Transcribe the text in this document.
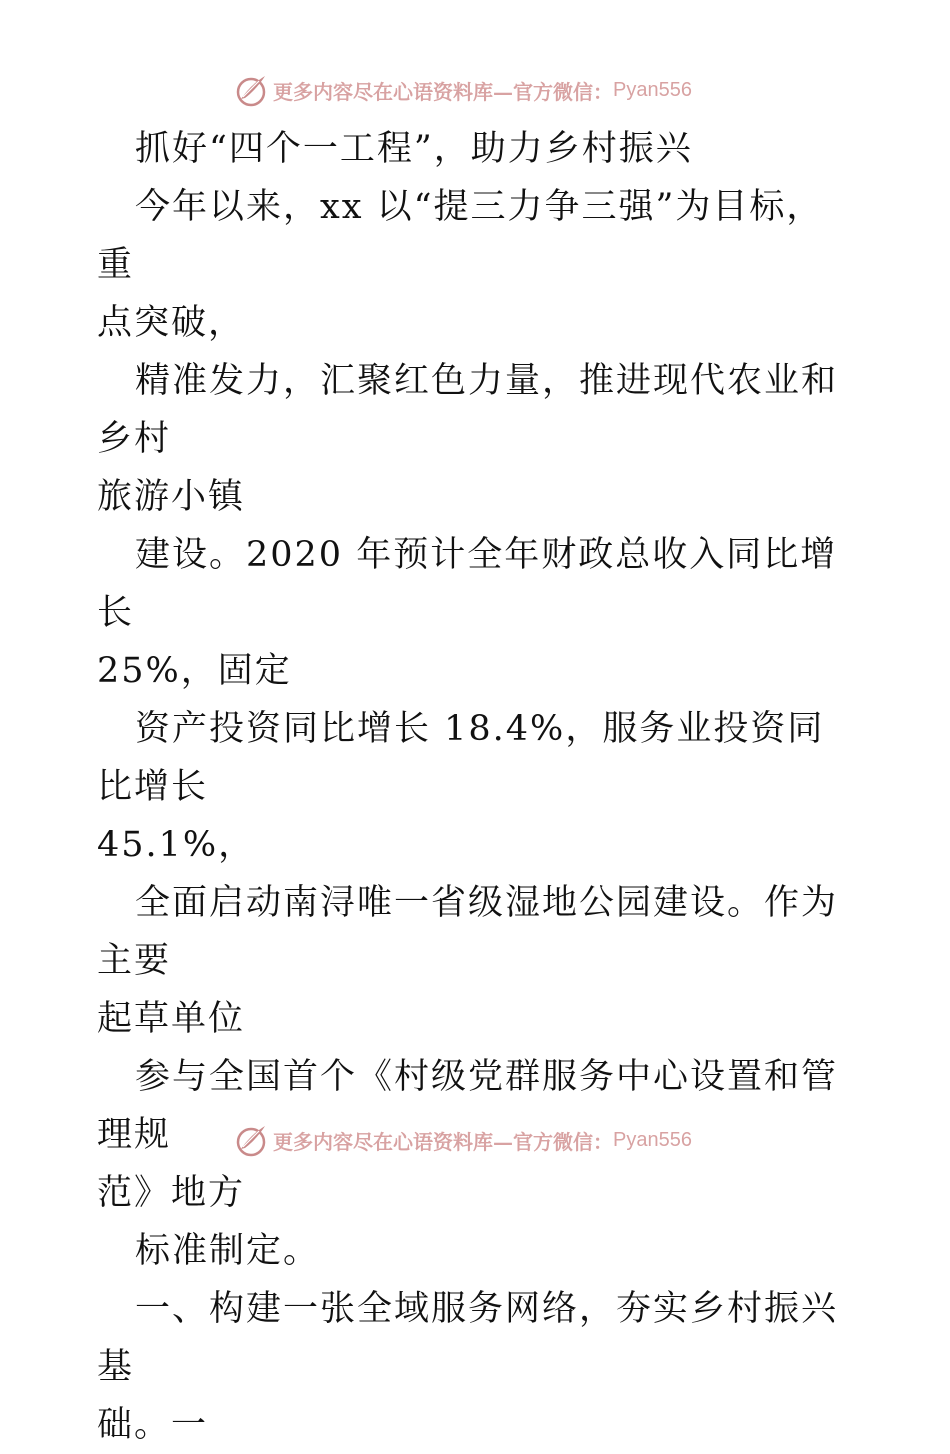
更多内容尽在心语资料库—官方微信： Pyan556

抓好“四个一工程”，助力乡村振兴

今年以来，xx 以“提三力争三强”为目标，重

点突破，

精准发力，汇聚红色力量，推进现代农业和乡村

旅游小镇

建设。2020 年预计全年财政总收入同比增长

25%，固定

资产投资同比增长 18.4%，服务业投资同比增长

45.1%，

全面启动南浔唯一省级湿地公园建设。作为主要

起草单位

参与全国首个《村级党群服务中心设置和管理规

范》地方

标准制定。

一、构建一张全域服务网络，夯实乡村振兴基

础。一

更多内容尽在心语资料库—官方微信： Pyan556
